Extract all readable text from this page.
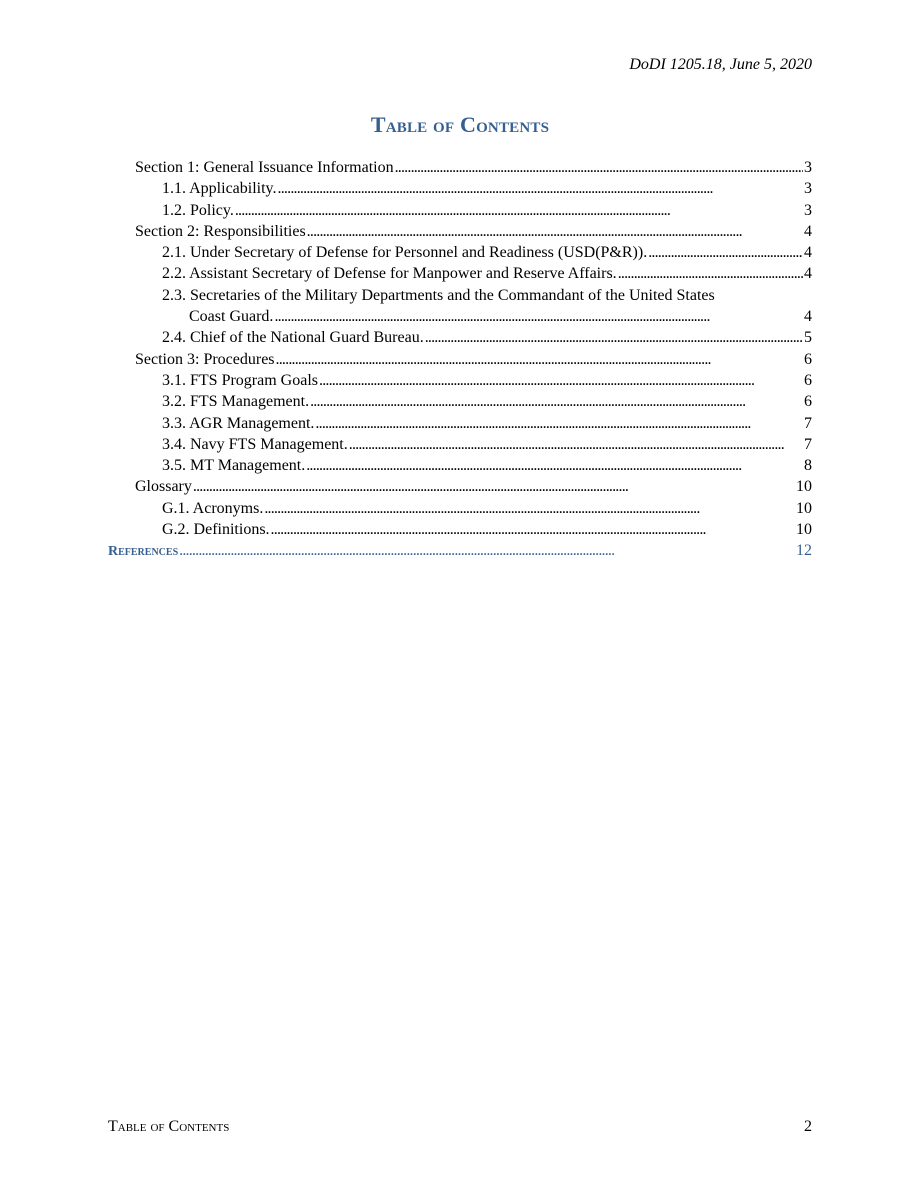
DoDI 1205.18, June 5, 2020
Table of Contents
Section 1: General Issuance Information . . .	3
1.1. Applicability. . . .	3
1.2. Policy. . . .	3
Section 2: Responsibilities . . .	4
2.1. Under Secretary of Defense for Personnel and Readiness (USD(P&R)). . . .	4
2.2. Assistant Secretary of Defense for Manpower and Reserve Affairs. . . .	4
2.3. Secretaries of the Military Departments and the Commandant of the United States
Coast Guard. . . .	4
2.4. Chief of the National Guard Bureau. . . .	5
Section 3: Procedures . . .	6
3.1. FTS Program Goals . . .	6
3.2. FTS Management. . . .	6
3.3. AGR Management. . . .	7
3.4. Navy FTS Management. . . .	7
3.5. MT Management. . . .	8
Glossary . . .	10
G.1. Acronyms. . . .	10
G.2. Definitions. . . .	10
References . . .	12
Table of Contents	2
